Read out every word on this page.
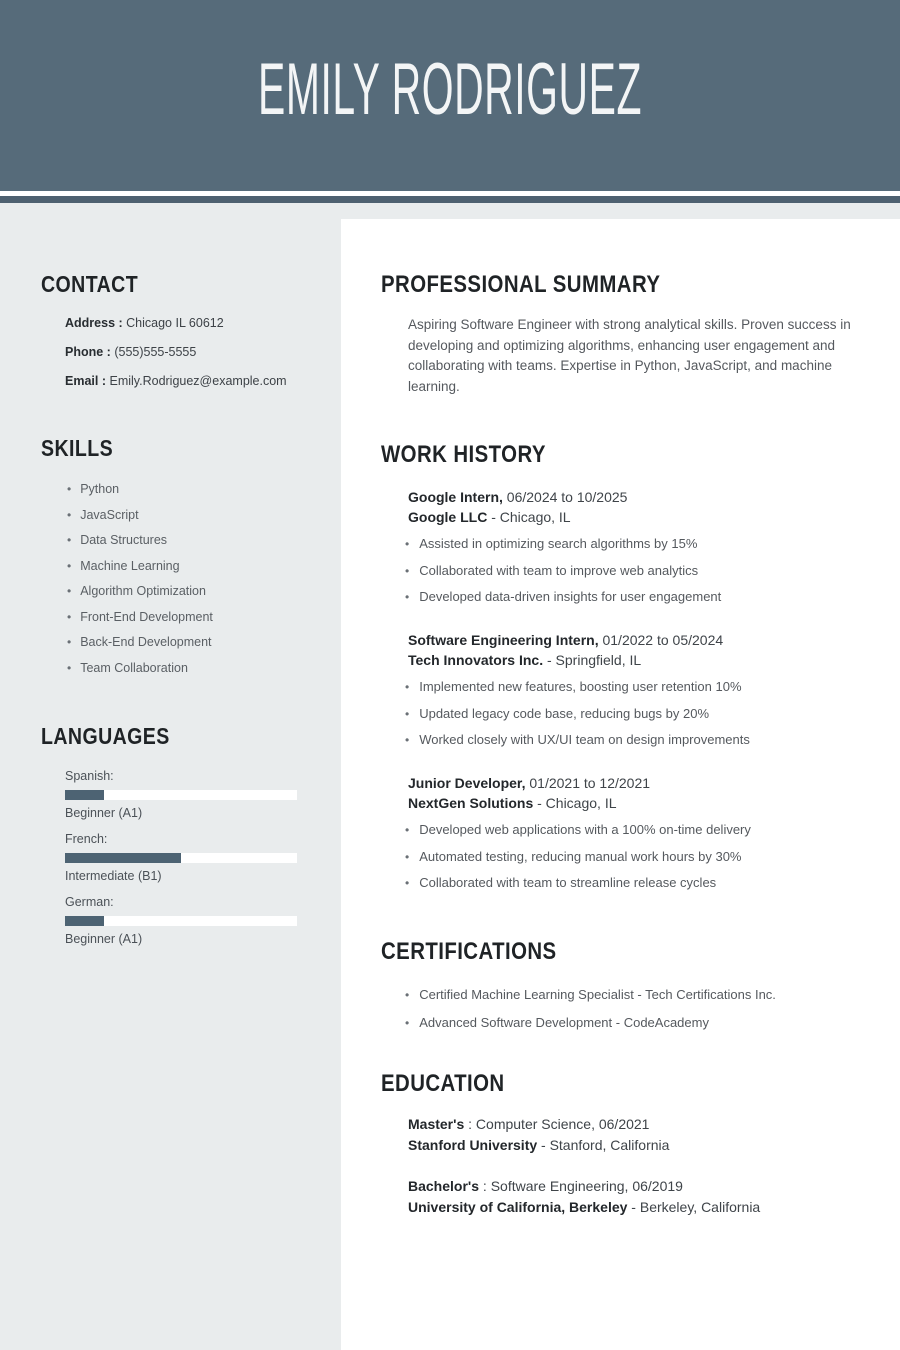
EMILY RODRIGUEZ
CONTACT
Address : Chicago IL 60612
Phone : (555)555-5555
Email : Emily.Rodriguez@example.com
SKILLS
• Python
• JavaScript
• Data Structures
• Machine Learning
• Algorithm Optimization
• Front-End Development
• Back-End Development
• Team Collaboration
LANGUAGES
Spanish:
Beginner (A1)
French:
Intermediate (B1)
German:
Beginner (A1)
PROFESSIONAL SUMMARY

Aspiring Software Engineer with strong analytical skills. Proven success in developing and optimizing algorithms, enhancing user engagement and collaborating with teams. Expertise in Python, JavaScript, and machine learning.

WORK HISTORY
Google Intern, 06/2024 to 10/2025
Google LLC - Chicago, IL
• Assisted in optimizing search algorithms by 15%
• Collaborated with team to improve web analytics
• Developed data-driven insights for user engagement
Software Engineering Intern, 01/2022 to 05/2024
Tech Innovators Inc. - Springfield, IL
• Implemented new features, boosting user retention 10%
• Updated legacy code base, reducing bugs by 20%
• Worked closely with UX/UI team on design improvements
Junior Developer, 01/2021 to 12/2021
NextGen Solutions - Chicago, IL
• Developed web applications with a 100% on-time delivery
• Automated testing, reducing manual work hours by 30%
• Collaborated with team to streamline release cycles
CERTIFICATIONS
• Certified Machine Learning Specialist - Tech Certifications Inc.
• Advanced Software Development - CodeAcademy
EDUCATION
Master's : Computer Science, 06/2021
Stanford University - Stanford, California
Bachelor's : Software Engineering, 06/2019
University of California, Berkeley - Berkeley, California
